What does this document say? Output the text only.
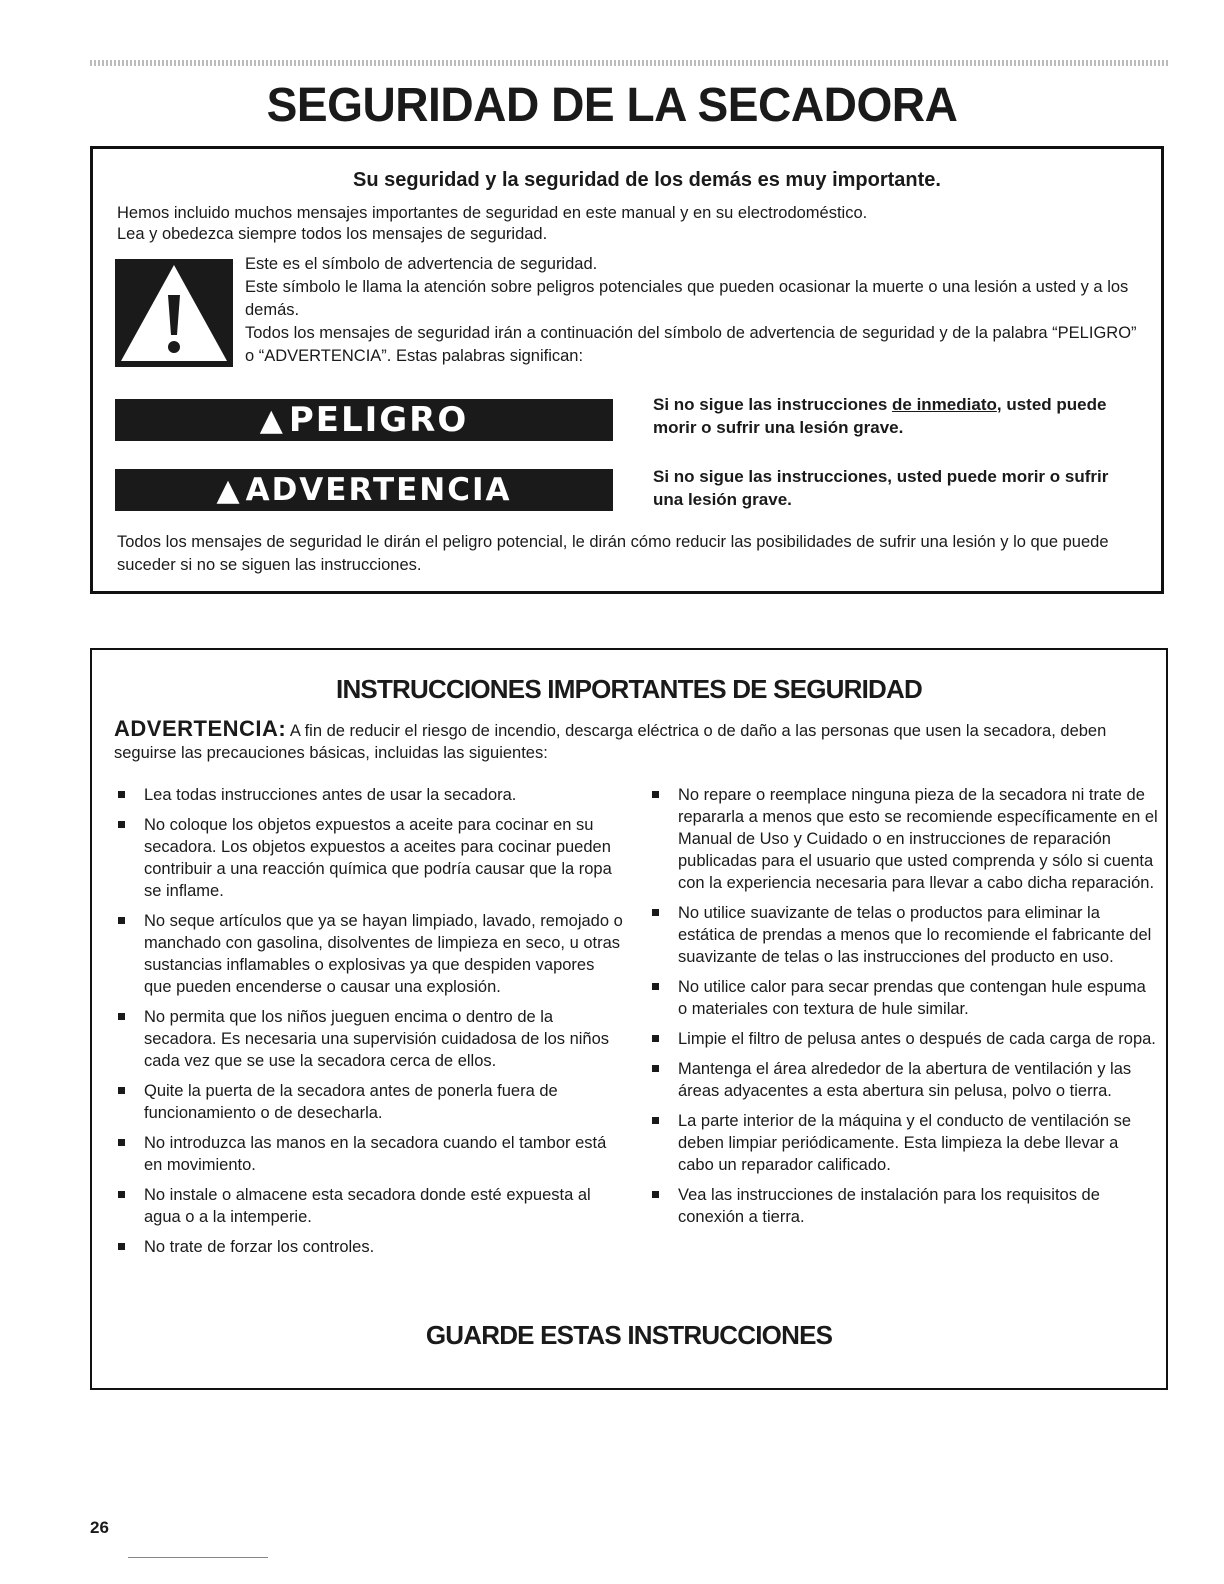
SEGURIDAD DE LA SECADORA
Su seguridad y la seguridad de los demás es muy importante.
Hemos incluido muchos mensajes importantes de seguridad en este manual y en su electrodoméstico.
Lea y obedezca siempre todos los mensajes de seguridad.

Este es el símbolo de advertencia de seguridad.

Este símbolo le llama la atención sobre peligros potenciales que pueden ocasionar la muerte o una lesión a usted y a los demás.

Todos los mensajes de seguridad irán a continuación del símbolo de advertencia de seguridad y de la palabra “PELIGRO” o “ADVERTENCIA”. Estas palabras significan:

▲ PELIGRO	Si no sigue las instrucciones de inmediato, usted puede morir o sufrir una lesión grave.
▲ ADVERTENCIA	Si no sigue las instrucciones, usted puede morir o sufrir una lesión grave.
Todos los mensajes de seguridad le dirán el peligro potencial, le dirán cómo reducir las posibilidades de sufrir una lesión y lo que puede suceder si no se siguen las instrucciones.
INSTRUCCIONES IMPORTANTES DE SEGURIDAD
ADVERTENCIA: A fin de reducir el riesgo de incendio, descarga eléctrica o de daño a las personas que usen la secadora, deben seguirse las precauciones básicas, incluidas las siguientes:
Lea todas instrucciones antes de usar la secadora.
No coloque los objetos expuestos a aceite para cocinar en su secadora. Los objetos expuestos a aceites para cocinar pueden contribuir a una reacción química que podría causar que la ropa se inflame.
No seque artículos que ya se hayan limpiado, lavado, remojado o manchado con gasolina, disolventes de limpieza en seco, u otras sustancias inflamables o explosivas ya que despiden vapores que pueden encenderse o causar una explosión.
No permita que los niños jueguen encima o dentro de la secadora. Es necesaria una supervisión cuidadosa de los niños cada vez que se use la secadora cerca de ellos.
Quite la puerta de la secadora antes de ponerla fuera de funcionamiento o de desecharla.
No introduzca las manos en la secadora cuando el tambor está en movimiento.
No instale o almacene esta secadora donde esté expuesta al agua o a la intemperie.
No trate de forzar los controles.
No repare o reemplace ninguna pieza de la secadora ni trate de repararla a menos que esto se recomiende específicamente en el Manual de Uso y Cuidado o en instrucciones de reparación publicadas para el usuario que usted comprenda y sólo si cuenta con la experiencia necesaria para llevar a cabo dicha reparación.
No utilice suavizante de telas o productos para eliminar la estática de prendas a menos que lo recomiende el fabricante del suavizante de telas o las instrucciones del producto en uso.
No utilice calor para secar prendas que contengan hule espuma o materiales con textura de hule similar.
Limpie el filtro de pelusa antes o después de cada carga de ropa.
Mantenga el área alrededor de la abertura de ventilación y las áreas adyacentes a esta abertura sin pelusa, polvo o tierra.
La parte interior de la máquina y el conducto de ventilación se deben limpiar periódicamente. Esta limpieza la debe llevar a cabo un reparador calificado.
Vea las instrucciones de instalación para los requisitos de conexión a tierra.
GUARDE ESTAS INSTRUCCIONES
26
